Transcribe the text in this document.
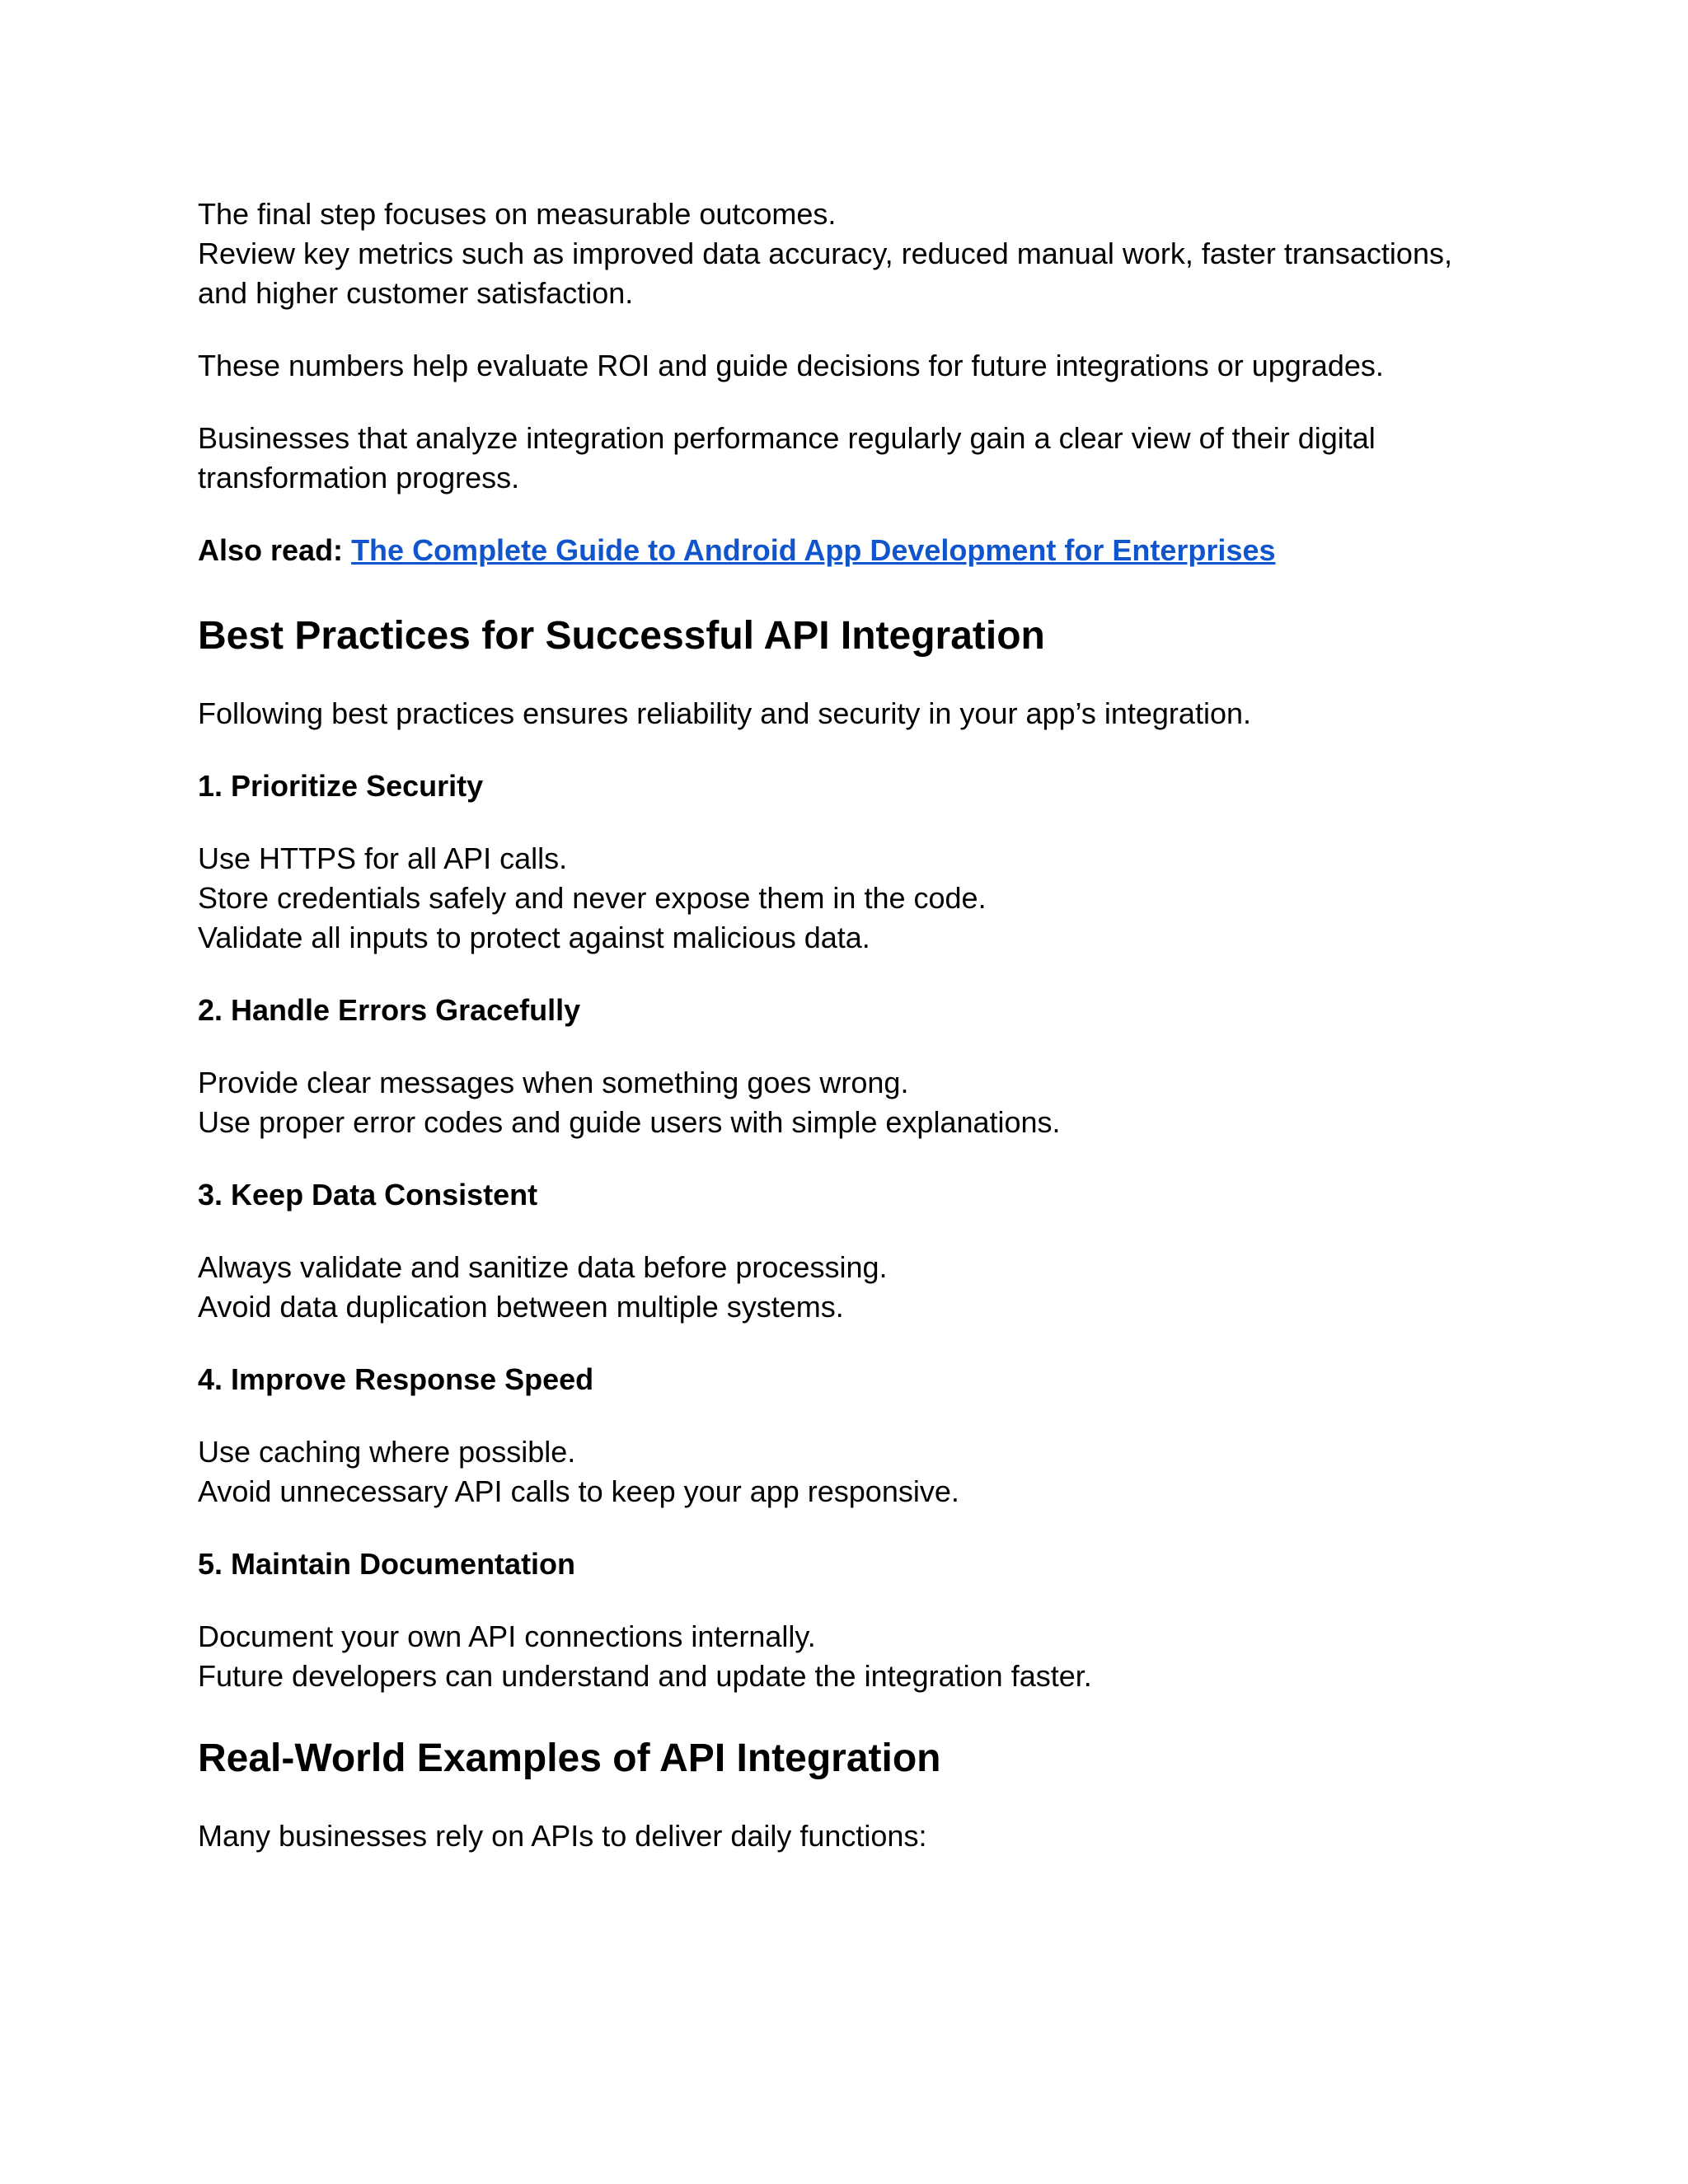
The final step focuses on measurable outcomes.

Review key metrics such as improved data accuracy, reduced manual work, faster transactions,

and higher customer satisfaction.

These numbers help evaluate ROI and guide decisions for future integrations or upgrades.

Businesses that analyze integration performance regularly gain a clear view of their digital

transformation progress.

Also read: The Complete Guide to Android App Development for Enterprises

Best Practices for Successful API Integration

Following best practices ensures reliability and security in your app’s integration.

1. Prioritize Security

Use HTTPS for all API calls.

Store credentials safely and never expose them in the code.

Validate all inputs to protect against malicious data.

2. Handle Errors Gracefully

Provide clear messages when something goes wrong.

Use proper error codes and guide users with simple explanations.

3. Keep Data Consistent

Always validate and sanitize data before processing.

Avoid data duplication between multiple systems.

4. Improve Response Speed

Use caching where possible.

Avoid unnecessary API calls to keep your app responsive.

5. Maintain Documentation

Document your own API connections internally.

Future developers can understand and update the integration faster.

Real-World Examples of API Integration

Many businesses rely on APIs to deliver daily functions:
